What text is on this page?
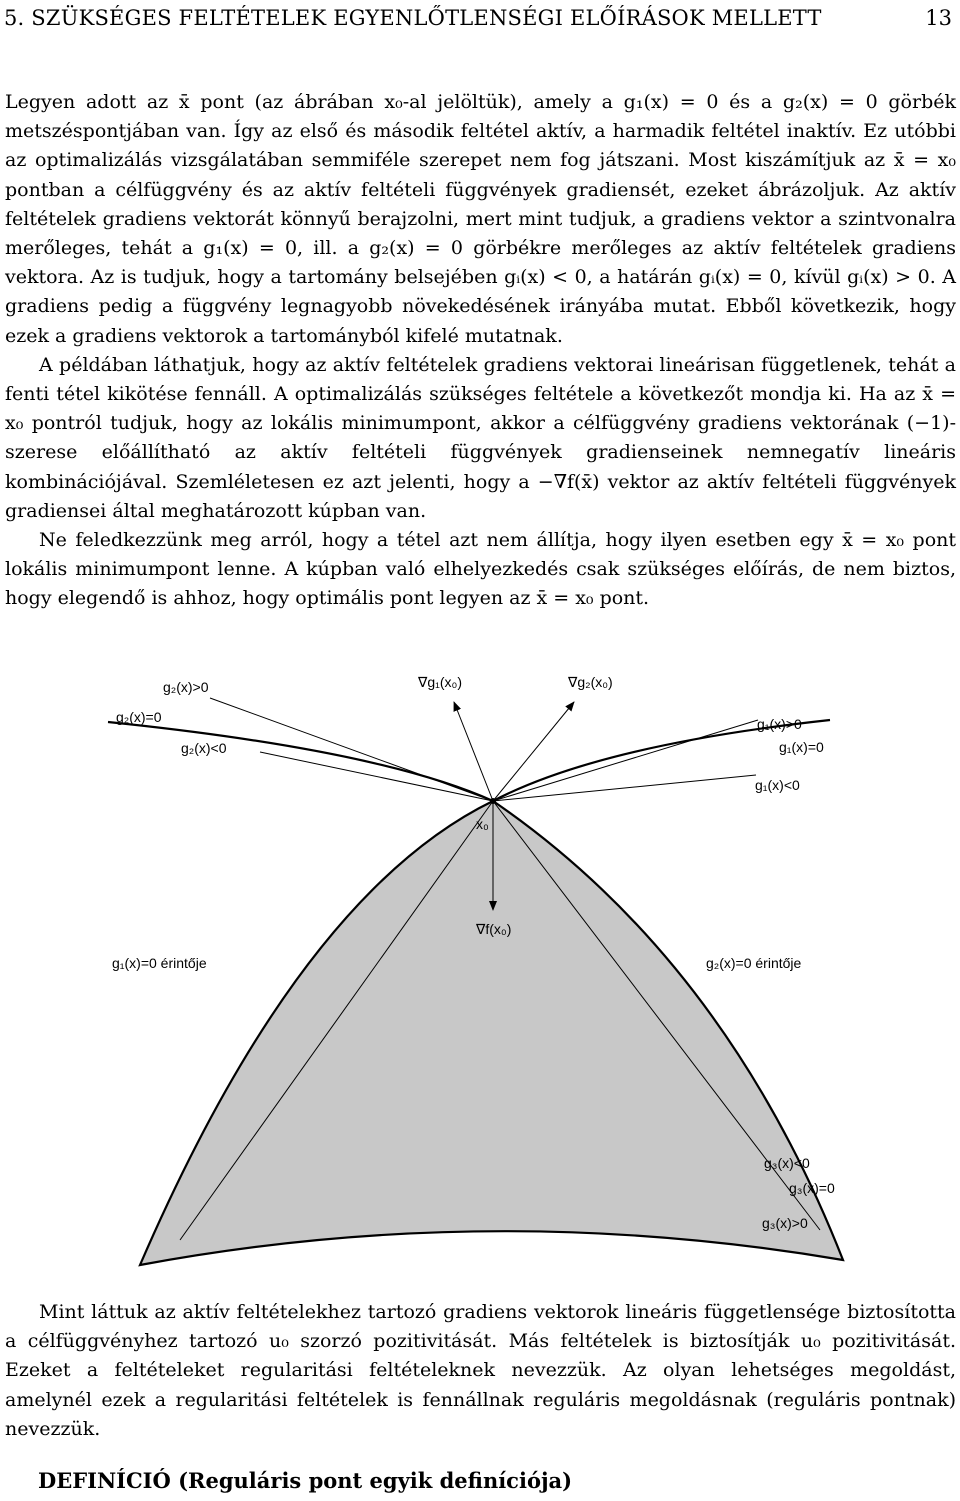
5. SZÜKSÉGES FELTÉTELEK EGYENLŐTLENSÉGI ELŐÍRÁSOK MELLETT	13

Legyen adott az x̄ pont (az ábrában x₀-al jelöltük), amely a g₁(x) = 0 és a g₂(x) = 0 görbék metszéspontjában van. Így az első és második feltétel aktív, a harmadik feltétel inaktív. Ez utóbbi az optimalizálás vizsgálatában semmiféle szerepet nem fog játszani. Most kiszámítjuk az x̄ = x₀ pontban a célfüggvény és az aktív feltételi függvények gradiensét, ezeket ábrázoljuk. Az aktív feltételek gradiens vektorát könnyű berajzolni, mert mint tudjuk, a gradiens vektor a szintvonalra merőleges, tehát a g₁(x) = 0, ill. a g₂(x) = 0 görbékre merőleges az aktív feltételek gradiens vektora. Az is tudjuk, hogy a tartomány belsejében gᵢ(x) < 0, a határán gᵢ(x) = 0, kívül gᵢ(x) > 0. A gradiens pedig a függvény legnagyobb növekedésének irányába mutat. Ebből következik, hogy ezek a gradiens vektorok a tartományból kifelé mutatnak.

A példában láthatjuk, hogy az aktív feltételek gradiens vektorai lineárisan függetlenek, tehát a fenti tétel kikötése fennáll. A optimalizálás szükséges feltétele a következőt mondja ki. Ha az x̄ = x₀ pontról tudjuk, hogy az lokális minimumpont, akkor a célfüggvény gradiens vektorának (−1)-szerese előállítható az aktív feltételi függvények gradienseinek nemnegatív lineáris kombinációjával. Szemléletesen ez azt jelenti, hogy a −∇f(x̄) vektor az aktív feltételi függvények gradiensei által meghatározott kúpban van.

Ne feledkezzünk meg arról, hogy a tétel azt nem állítja, hogy ilyen esetben egy x̄ = x₀ pont lokális minimumpont lenne. A kúpban való elhelyezkedés csak szükséges előírás, de nem biztos, hogy elegendő is ahhoz, hogy optimális pont legyen az x̄ = x₀ pont.

g₂(x)>0
g₂(x)=0
g₂(x)<0
∇g₁(x₀)	∇g₂(x₀)
g₁(x)>0
g₁(x)=0
g₁(x)<0
x₀
∇f(x₀)
g₁(x)=0 érintője	g₂(x)=0 érintője
g₃(x)<0
g₃(x)=0
g₃(x)>0

Mint láttuk az aktív feltételekhez tartozó gradiens vektorok lineáris függetlensége biztosította a célfüggvényhez tartozó u₀ szorzó pozitivitását. Más feltételek is biztosítják u₀ pozitivitását. Ezeket a feltételeket regularitási feltételeknek nevezzük. Az olyan lehetséges megoldást, amelynél ezek a regularitási feltételek is fennállnak reguláris megoldásnak (reguláris pontnak) nevezzük.

DEFINÍCIÓ (Reguláris pont egyik definíciója)
